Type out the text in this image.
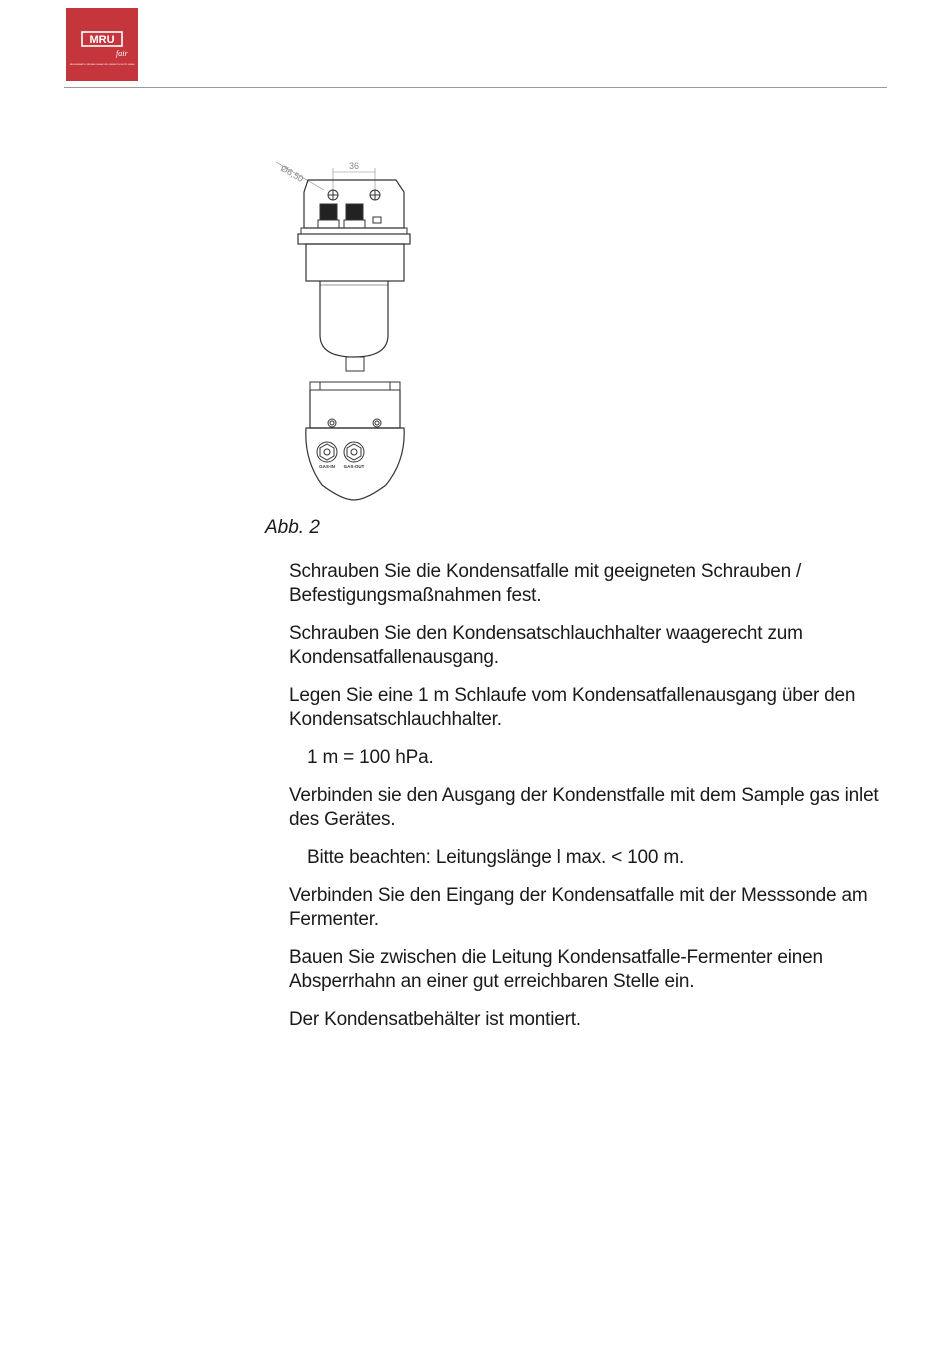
MRU
fair
MESSGERÄTE FÜR RAUCHGAS UND UMWELTSCHUTZ GMBH
Ø6,50	36
GAS-IN GAS-OUT
Abb. 2

Schrauben Sie die Kondensatfalle mit geeigneten Schrauben / Befestigungsmaßnahmen fest.

Schrauben Sie den Kondensatschlauchhalter waagerecht zum Kondensatfallenausgang.

Legen Sie eine 1 m Schlaufe vom Kondensatfallenausgang über den Kondensatschlauchhalter.

1 m = 100 hPa.

Verbinden sie den Ausgang der Kondenstfalle mit dem Sample gas inlet des Gerätes.

Bitte beachten: Leitungslänge l max. < 100 m.

Verbinden Sie den Eingang der Kondensatfalle mit der Messsonde am Fermenter.

Bauen Sie zwischen die Leitung Kondensatfalle-Fermenter einen Absperrhahn an einer gut erreichbaren Stelle ein.

Der Kondensatbehälter ist montiert.
